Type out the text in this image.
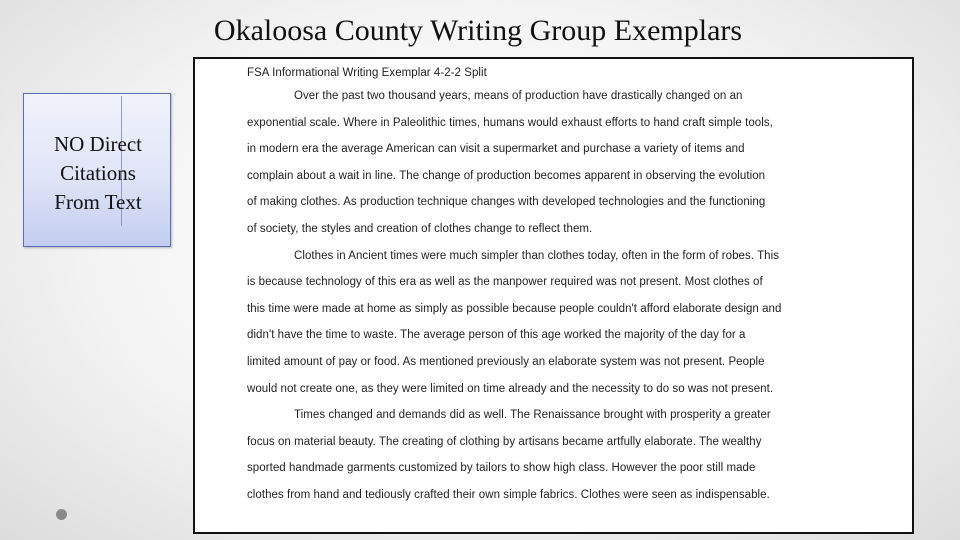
Okaloosa County Writing Group Exemplars
NO Direct
Citations
From Text
FSA Informational Writing Exemplar 4-2-2 Split
Over the past two thousand years, means of production have drastically changed on an
exponential scale. Where in Paleolithic times, humans would exhaust efforts to hand craft simple tools,
in modern era the average American can visit a supermarket and purchase a variety of items and
complain about a wait in line. The change of production becomes apparent in observing the evolution
of making clothes. As production technique changes with developed technologies and the functioning
of society, the styles and creation of clothes change to reflect them.
Clothes in Ancient times were much simpler than clothes today, often in the form of robes. This
is because technology of this era as well as the manpower required was not present. Most clothes of
this time were made at home as simply as possible because people couldn't afford elaborate design and
didn't have the time to waste. The average person of this age worked the majority of the day for a
limited amount of pay or food. As mentioned previously an elaborate system was not present. People
would not create one, as they were limited on time already and the necessity to do so was not present.
Times changed and demands did as well. The Renaissance brought with prosperity a greater
focus on material beauty. The creating of clothing by artisans became artfully elaborate. The wealthy
sported handmade garments customized by tailors to show high class. However the poor still made
clothes from hand and tediously crafted their own simple fabrics. Clothes were seen as indispensable.
